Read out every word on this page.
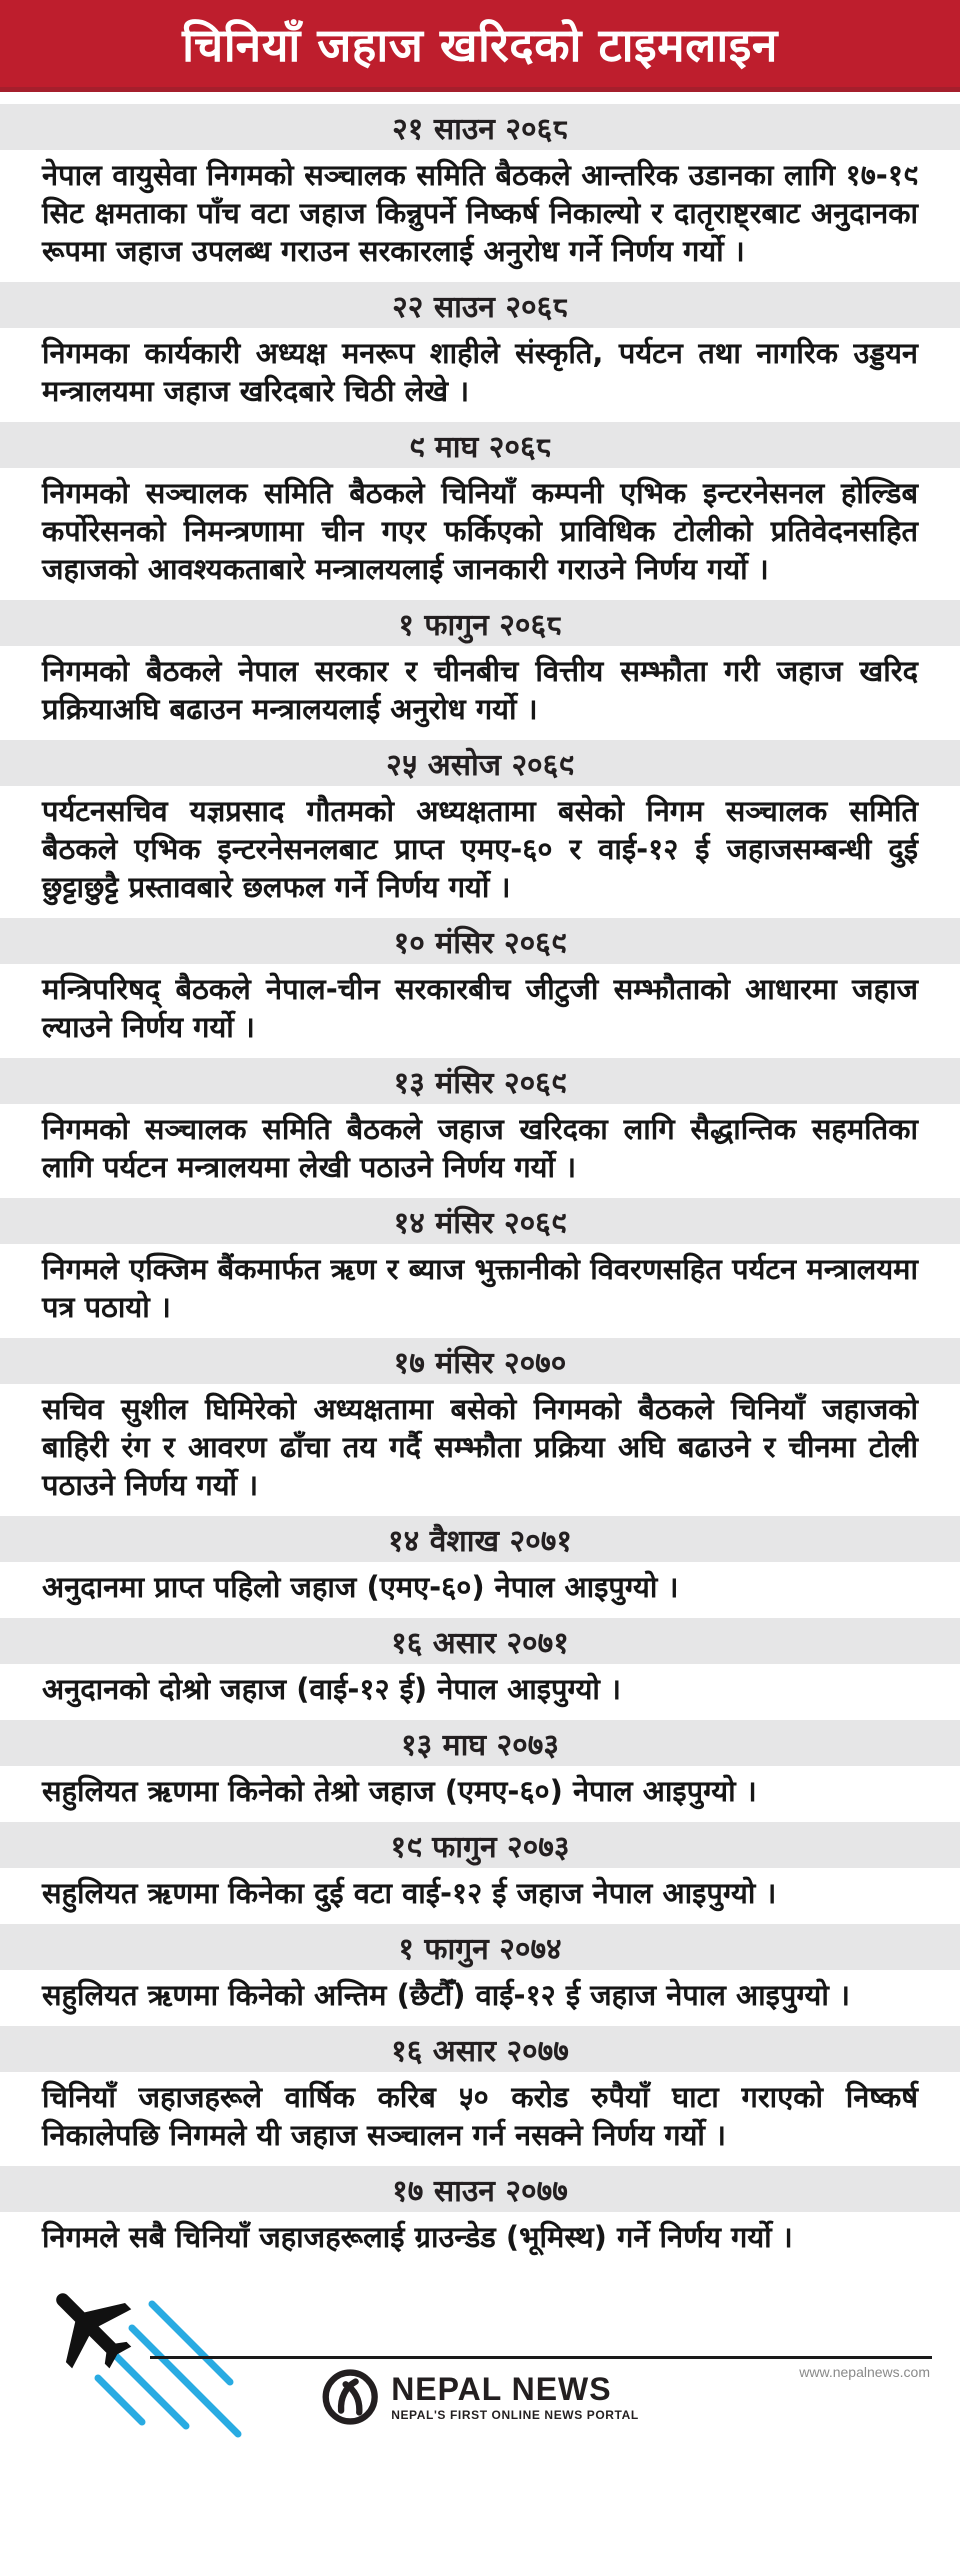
चिनियाँ जहाज खरिदको टाइमलाइन
२१ साउन २०६८

नेपाल वायुसेवा निगमको सञ्चालक समिति बैठकले आन्तरिक उडानका लागि १७-१९ सिट क्षमताका पाँच वटा जहाज किन्नुपर्ने निष्कर्ष निकाल्यो र दातृराष्ट्रबाट अनुदानका रूपमा जहाज उपलब्ध गराउन सरकारलाई अनुरोध गर्ने निर्णय गर्यो ।

२२ साउन २०६८

निगमका कार्यकारी अध्यक्ष मनरूप शाहीले संस्कृति, पर्यटन तथा नागरिक उड्डयन मन्त्रालयमा जहाज खरिदबारे चिठी लेखे ।

९ माघ २०६८

निगमको सञ्चालक समिति बैठकले चिनियाँ कम्पनी एभिक इन्टरनेसनल होल्डिब कर्पोरेसनको निमन्त्रणामा चीन गएर फर्किएको प्राविधिक टोलीको प्रतिवेदनसहित जहाजको आवश्यकताबारे मन्त्रालयलाई जानकारी गराउने निर्णय गर्यो ।

१ फागुन २०६८

निगमको बैठकले नेपाल सरकार र चीनबीच वित्तीय सम्झौता गरी जहाज खरिद प्रक्रियाअघि बढाउन मन्त्रालयलाई अनुरोध गर्यो ।

२५ असोज २०६९

पर्यटनसचिव यज्ञप्रसाद गौतमको अध्यक्षतामा बसेको निगम सञ्चालक समिति बैठकले एभिक इन्टरनेसनलबाट प्राप्त एमए-६० र वाई-१२ ई जहाजसम्बन्धी दुई छुट्टाछुट्टै प्रस्तावबारे छलफल गर्ने निर्णय गर्यो ।

१० मंसिर २०६९

मन्त्रिपरिषद् बैठकले नेपाल-चीन सरकारबीच जीटुजी सम्झौताको आधारमा जहाज ल्याउने निर्णय गर्यो ।

१३ मंसिर २०६९

निगमको सञ्चालक समिति बैठकले जहाज खरिदका लागि सैद्धान्तिक सहमतिका लागि पर्यटन मन्त्रालयमा लेखी पठाउने निर्णय गर्यो ।

१४ मंसिर २०६९

निगमले एक्जिम बैंकमार्फत ऋण र ब्याज भुक्तानीको विवरणसहित पर्यटन मन्त्रालयमा पत्र पठायो ।

१७ मंसिर २०७०

सचिव सुशील घिमिरेको अध्यक्षतामा बसेको निगमको बैठकले चिनियाँ जहाजको बाहिरी रंग र आवरण ढाँचा तय गर्दै सम्झौता प्रक्रिया अघि बढाउने र चीनमा टोली पठाउने निर्णय गर्यो ।

१४ वैशाख २०७१

अनुदानमा प्राप्त पहिलो जहाज (एमए-६०) नेपाल आइपुग्यो ।

१६ असार २०७१

अनुदानको दोश्रो जहाज (वाई-१२ ई) नेपाल आइपुग्यो ।

१३ माघ २०७३

सहुलियत ऋणमा किनेको तेश्रो जहाज (एमए-६०) नेपाल आइपुग्यो ।

१९ फागुन २०७३

सहुलियत ऋणमा किनेका दुई वटा वाई-१२ ई जहाज नेपाल आइपुग्यो ।

१ फागुन २०७४

सहुलियत ऋणमा किनेको अन्तिम (छैटौँ) वाई-१२ ई जहाज नेपाल आइपुग्यो ।

१६ असार २०७७

चिनियाँ जहाजहरूले वार्षिक करिब ५० करोड रुपैयाँ घाटा गराएको निष्कर्ष निकालेपछि निगमले यी जहाज सञ्चालन गर्न नसक्ने निर्णय गर्यो ।

१७ साउन २०७७

निगमले सबै चिनियाँ जहाजहरूलाई ग्राउन्डेड (भूमिस्थ) गर्ने निर्णय गर्यो ।

www.nepalnews.com
NEPAL NEWS
NEPAL'S FIRST ONLINE NEWS PORTAL
